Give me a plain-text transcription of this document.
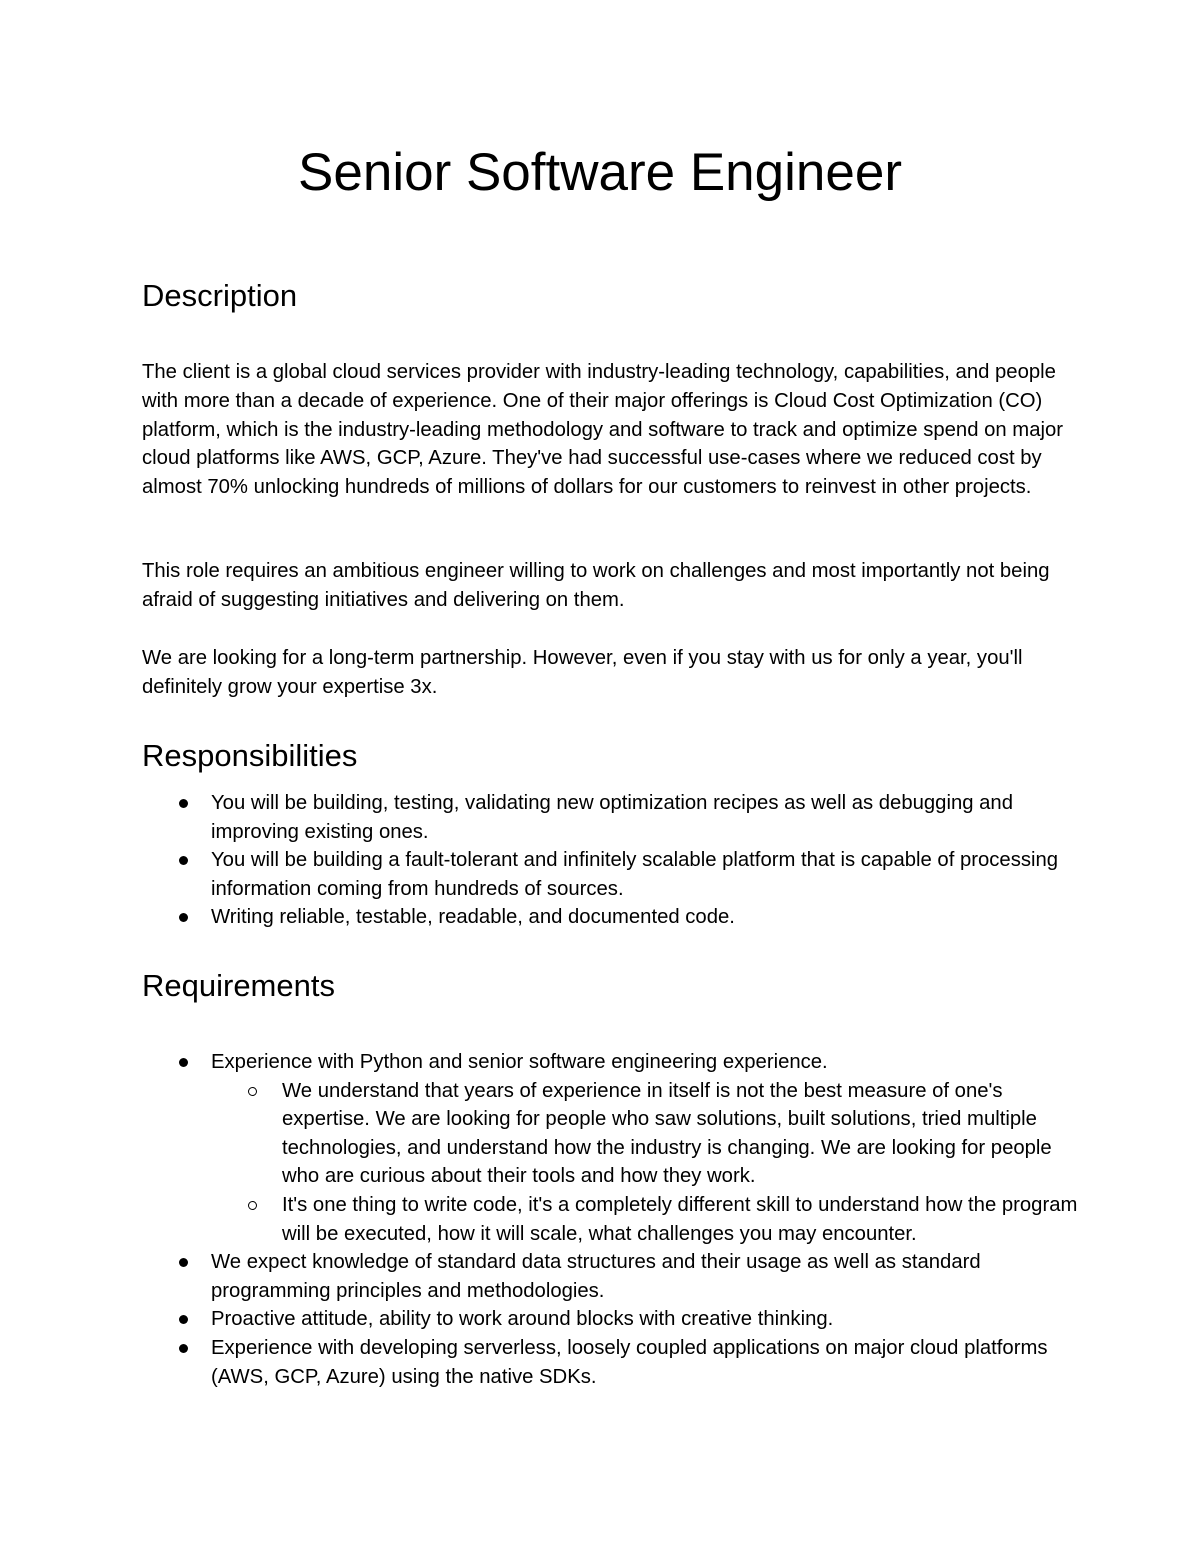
Senior Software Engineer
Description

The client is a global cloud services provider with industry-leading technology, capabilities, and people with more than a decade of experience. One of their major offerings is Cloud Cost Optimization (CO) platform, which is the industry-leading methodology and software to track and optimize spend on major cloud platforms like AWS, GCP, Azure. They've had successful use-cases where we reduced cost by almost 70% unlocking hundreds of millions of dollars for our customers to reinvest in other projects.

This role requires an ambitious engineer willing to work on challenges and most importantly not being afraid of suggesting initiatives and delivering on them.

We are looking for a long-term partnership. However, even if you stay with us for only a year, you'll definitely grow your expertise 3x.

Responsibilities
You will be building, testing, validating new optimization recipes as well as debugging and improving existing ones.
You will be building a fault-tolerant and infinitely scalable platform that is capable of processing information coming from hundreds of sources.
Writing reliable, testable, readable, and documented code.
Requirements
Experience with Python and senior software engineering experience.
We understand that years of experience in itself is not the best measure of one's expertise. We are looking for people who saw solutions, built solutions, tried multiple technologies, and understand how the industry is changing. We are looking for people who are curious about their tools and how they work.
It's one thing to write code, it's a completely different skill to understand how the program will be executed, how it will scale, what challenges you may encounter.
We expect knowledge of standard data structures and their usage as well as standard programming principles and methodologies.
Proactive attitude, ability to work around blocks with creative thinking.
Experience with developing serverless, loosely coupled applications on major cloud platforms (AWS, GCP, Azure) using the native SDKs.
